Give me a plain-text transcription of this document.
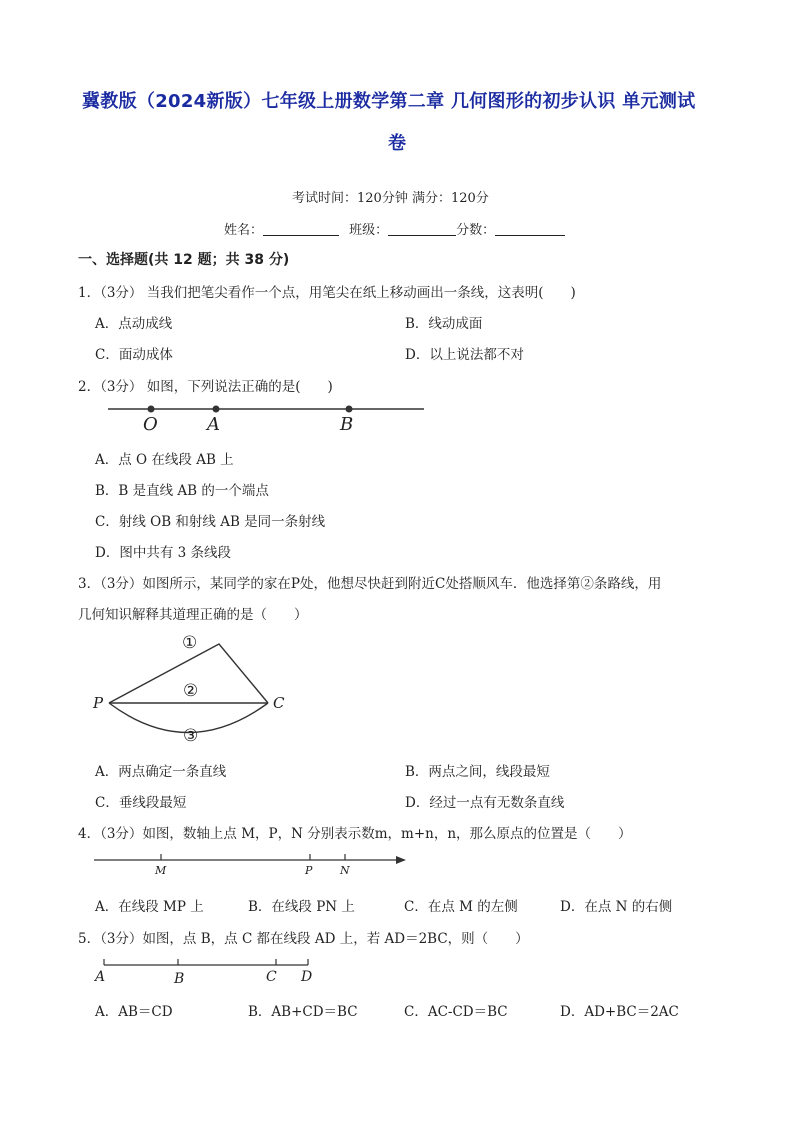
冀教版（2024新版）七年级上册数学第二章 几何图形的初步认识 单元测试
卷
考试时间：120分钟 满分：120分
姓名：	班级：	分数：
一、选择题(共 12 题；共 38 分)
1．（3分） 当我们把笔尖看作一个点，用笔尖在纸上移动画出一条线，这表明(　　)
A．点动成线	B．线动成面
C．面动成体	D．以上说法都不对
2．（3分） 如图，下列说法正确的是(　　)
O	A	B
A．点 O 在线段 AB 上
B．B 是直线 AB 的一个端点
C．射线 OB 和射线 AB 是同一条射线
D．图中共有 3 条线段
3．（3分）如图所示，某同学的家在P处，他想尽快赶到附近C处搭顺风车．他选择第②条路线，用
几何知识解释其道理正确的是（　　）
①
②
③
P	C
A．两点确定一条直线	B．两点之间，线段最短
C．垂线段最短	D．经过一点有无数条直线
4．（3分）如图，数轴上点 M，P，N 分别表示数m，m+n，n，那么原点的位置是（　　）
M	P	N
A．在线段 MP 上	B．在线段 PN 上	C．在点 M 的左侧	D．在点 N 的右侧
5．（3分）如图，点 B，点 C 都在线段 AD 上，若 AD＝2BC，则（　　）
A	B	C D
A．AB＝CD	B．AB+CD＝BC	C．AC-CD＝BC	D．AD+BC＝2AC
